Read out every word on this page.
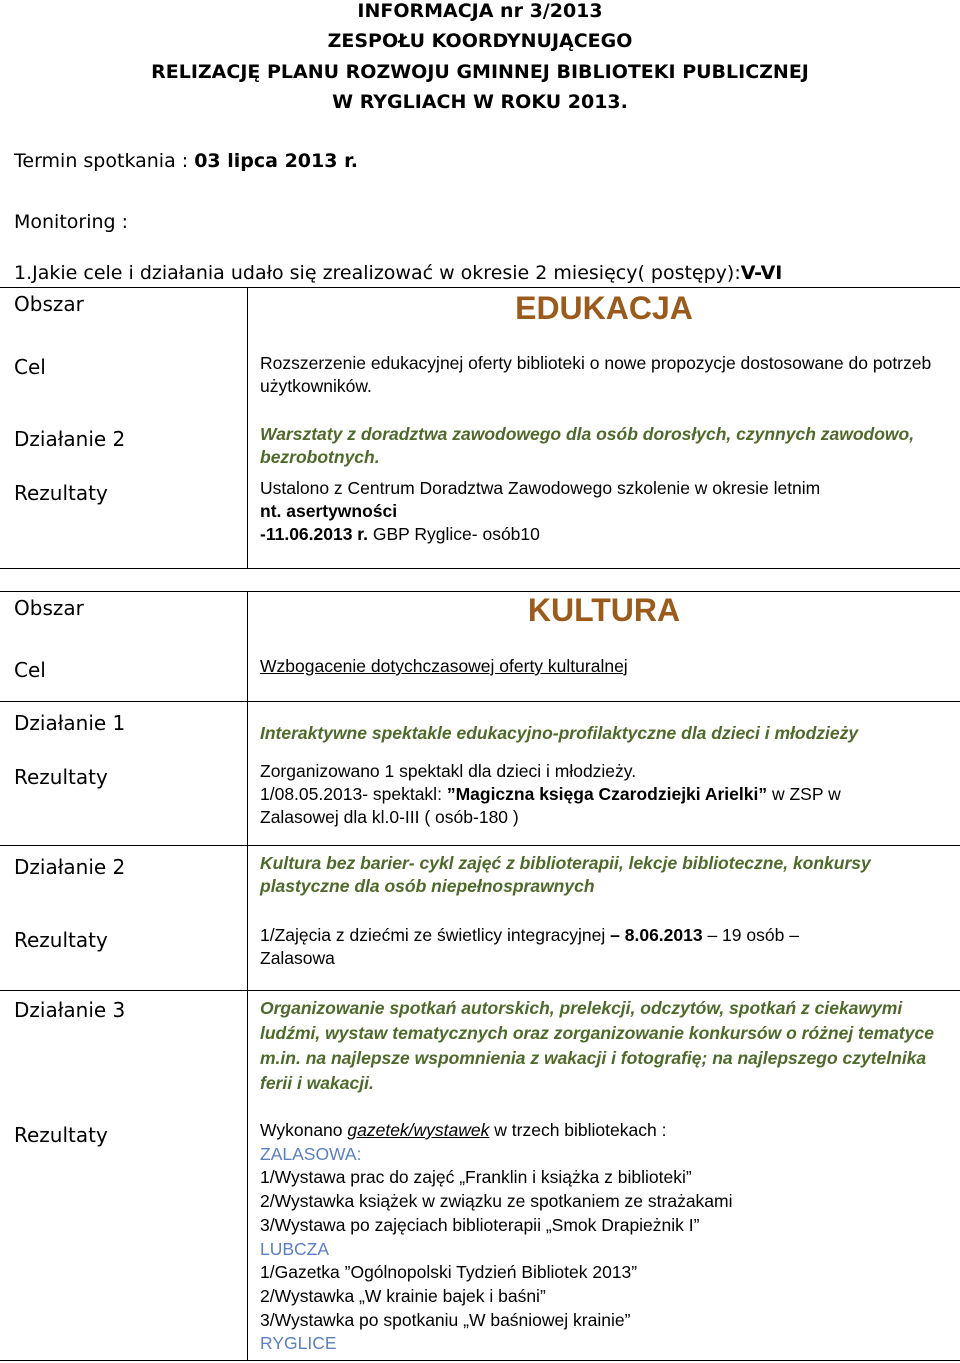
INFORMACJA nr 3/2013
ZESPOŁU KOORDYNUJĄCEGO
RELIZACJĘ PLANU ROZWOJU GMINNEJ BIBLIOTEKI PUBLICZNEJ
W RYGLIACH W ROKU 2013.
Termin spotkania : 03 lipca 2013 r.
Monitoring :
1.Jakie cele i działania udało się zrealizować w okresie 2 miesięcy( postępy):V-VI
Obszar	EDUKACJA
Cel	Rozszerzenie edukacyjnej oferty biblioteki o nowe propozycje dostosowane do potrzeb użytkowników.
Działanie 2	Warsztaty z doradztwa zawodowego dla osób dorosłych, czynnych zawodowo, bezrobotnych.
Rezultaty	Ustalono z Centrum Doradztwa Zawodowego szkolenie w okresie letnim

nt. asertywności

-11.06.2013 r. GBP Ryglice- osób10

Obszar	KULTURA
Cel	Wzbogacenie dotychczasowej oferty kulturalnej
Działanie 1	Interaktywne spektakle edukacyjno-profilaktyczne dla dzieci i młodzieży
Rezultaty	Zorganizowano 1 spektakl dla dzieci i młodzieży.

1/08.05.2013- spektakl: ”Magiczna księga Czarodziejki Arielki” w ZSP w

Zalasowej dla kl.0-III ( osób-180 )

Działanie 2	Kultura bez barier- cykl zajęć z biblioterapii, lekcje biblioteczne, konkursy plastyczne dla osób niepełnosprawnych
Rezultaty	1/Zajęcia z dziećmi ze świetlicy integracyjnej – 8.06.2013 – 19 osób –

Zalasowa

Działanie 3	Organizowanie spotkań autorskich, prelekcji, odczytów, spotkań z ciekawymi ludźmi, wystaw tematycznych oraz zorganizowanie konkursów o różnej tematyce m.in. na najlepsze wspomnienia z wakacji i fotografię; na najlepszego czytelnika ferii i wakacji.
Rezultaty	Wykonano gazetek/wystawek w trzech bibliotekach :

ZALASOWA:

1/Wystawa prac do zajęć „Franklin i książka z biblioteki”

2/Wystawka książek w związku ze spotkaniem ze strażakami

3/Wystawa po zajęciach biblioterapii „Smok Drapieżnik I”

LUBCZA

1/Gazetka ”Ogólnopolski Tydzień Bibliotek 2013”

2/Wystawka „W krainie bajek i baśni”

3/Wystawka po spotkaniu „W baśniowej krainie”

RYGLICE
